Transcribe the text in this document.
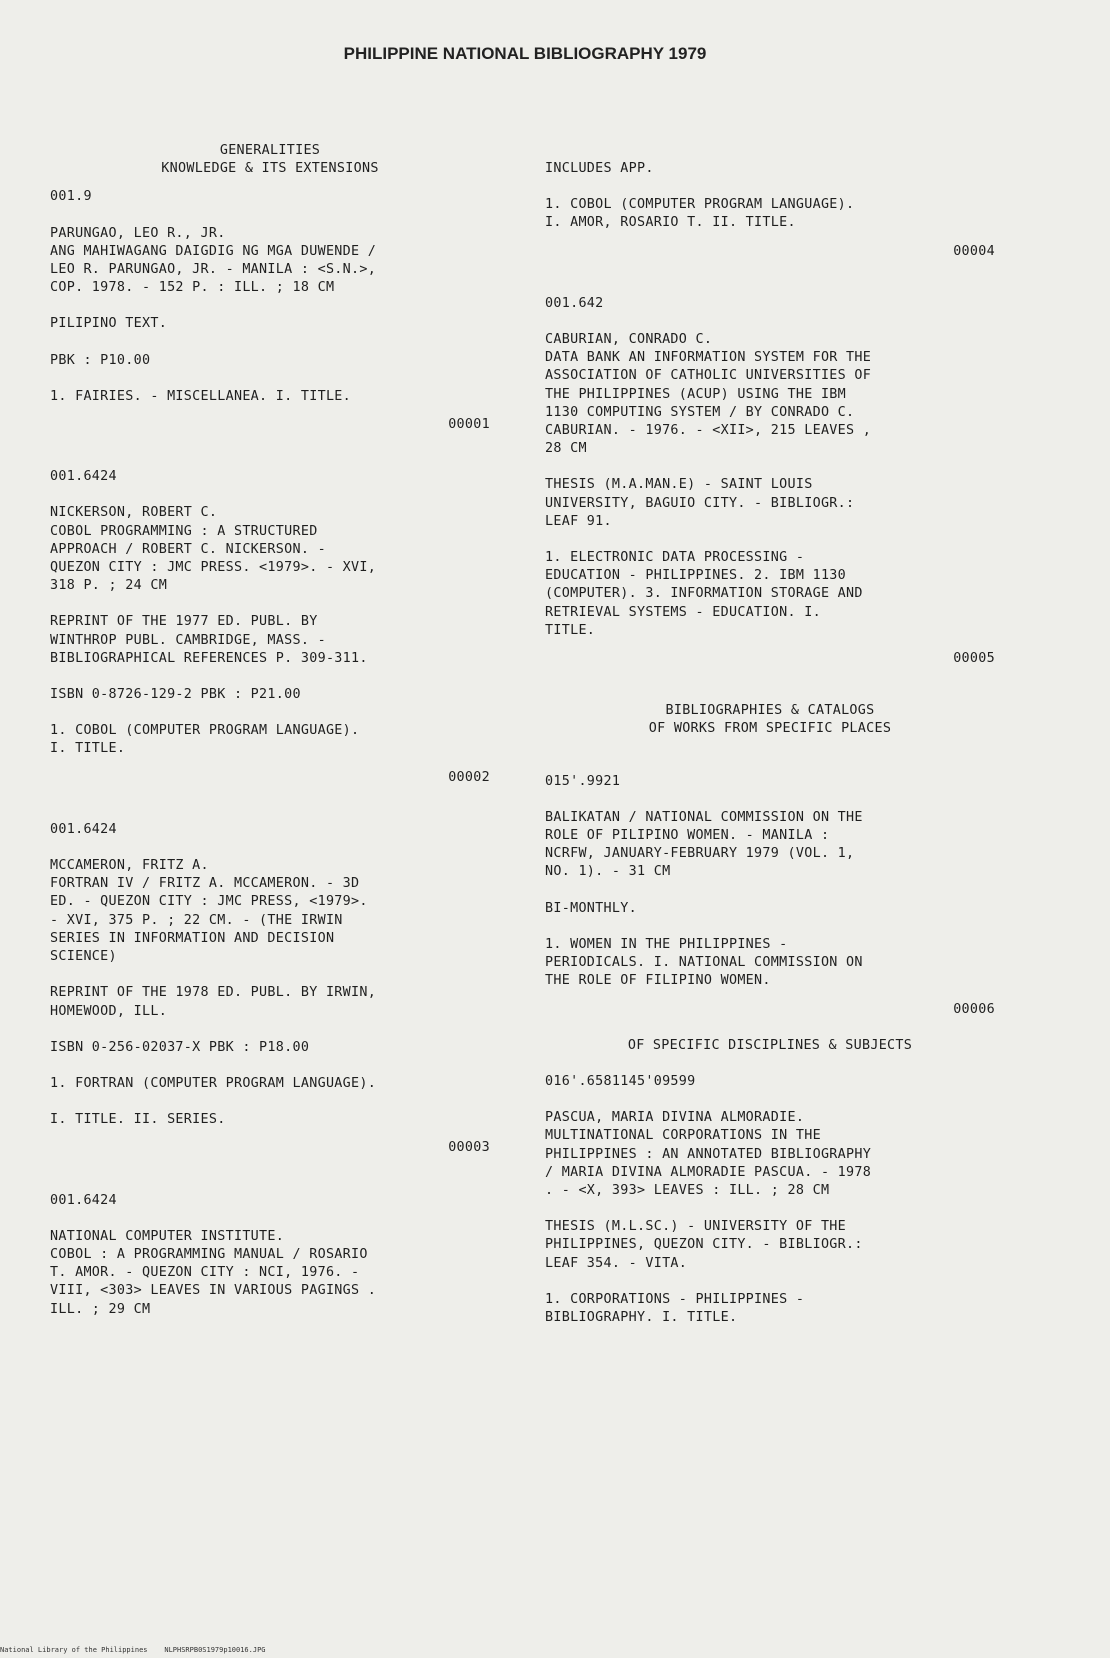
PHILIPPINE NATIONAL BIBLIOGRAPHY 1979
GENERALITIES
KNOWLEDGE & ITS EXTENSIONS
001.9
PARUNGAO, LEO R., JR.
ANG MAHIWAGANG DAIGDIG NG MGA DUWENDE /
LEO R. PARUNGAO, JR. - MANILA : <S.N.>,
COP. 1978. - 152 P. : ILL. ; 18 CM
PILIPINO TEXT.
PBK : P10.00
1. FAIRIES. - MISCELLANEA. I. TITLE.
00001
001.6424
NICKERSON, ROBERT C.
COBOL PROGRAMMING : A STRUCTURED
APPROACH / ROBERT C. NICKERSON. -
QUEZON CITY : JMC PRESS. <1979>. - XVI,
318 P. ; 24 CM
REPRINT OF THE 1977 ED. PUBL. BY
WINTHROP PUBL. CAMBRIDGE, MASS. -
BIBLIOGRAPHICAL REFERENCES P. 309-311.
ISBN 0-8726-129-2 PBK : P21.00
1. COBOL (COMPUTER PROGRAM LANGUAGE).
I. TITLE.
00002
001.6424
MCCAMERON, FRITZ A.
FORTRAN IV / FRITZ A. MCCAMERON. - 3D
ED. - QUEZON CITY : JMC PRESS, <1979>.
- XVI, 375 P. ; 22 CM. - (THE IRWIN
SERIES IN INFORMATION AND DECISION
SCIENCE)
REPRINT OF THE 1978 ED. PUBL. BY IRWIN,
HOMEWOOD, ILL.
ISBN 0-256-02037-X PBK : P18.00
1. FORTRAN (COMPUTER PROGRAM LANGUAGE).
I. TITLE. II. SERIES.
00003
001.6424
NATIONAL COMPUTER INSTITUTE.
COBOL : A PROGRAMMING MANUAL / ROSARIO
T. AMOR. - QUEZON CITY : NCI, 1976. -
VIII, <303> LEAVES IN VARIOUS PAGINGS .
ILL. ; 29 CM
INCLUDES APP.
1. COBOL (COMPUTER PROGRAM LANGUAGE).
I. AMOR, ROSARIO T. II. TITLE.
00004
001.642
CABURIAN, CONRADO C.
DATA BANK AN INFORMATION SYSTEM FOR THE
ASSOCIATION OF CATHOLIC UNIVERSITIES OF
THE PHILIPPINES (ACUP) USING THE IBM
1130 COMPUTING SYSTEM / BY CONRADO C.
CABURIAN. - 1976. - <XII>, 215 LEAVES ,
28 CM
THESIS (M.A.MAN.E) - SAINT LOUIS
UNIVERSITY, BAGUIO CITY. - BIBLIOGR.:
LEAF 91.
1. ELECTRONIC DATA PROCESSING -
EDUCATION - PHILIPPINES. 2. IBM 1130
(COMPUTER). 3. INFORMATION STORAGE AND
RETRIEVAL SYSTEMS - EDUCATION. I.
TITLE.
00005
BIBLIOGRAPHIES & CATALOGS
OF WORKS FROM SPECIFIC PLACES
015'.9921
BALIKATAN / NATIONAL COMMISSION ON THE
ROLE OF PILIPINO WOMEN. - MANILA :
NCRFW, JANUARY-FEBRUARY 1979 (VOL. 1,
NO. 1). - 31 CM
BI-MONTHLY.
1. WOMEN IN THE PHILIPPINES -
PERIODICALS. I. NATIONAL COMMISSION ON
THE ROLE OF FILIPINO WOMEN.
00006
OF SPECIFIC DISCIPLINES & SUBJECTS
016'.6581145'09599
PASCUA, MARIA DIVINA ALMORADIE.
MULTINATIONAL CORPORATIONS IN THE
PHILIPPINES : AN ANNOTATED BIBLIOGRAPHY
/ MARIA DIVINA ALMORADIE PASCUA. - 1978
. - <X, 393> LEAVES : ILL. ; 28 CM
THESIS (M.L.SC.) - UNIVERSITY OF THE
PHILIPPINES, QUEZON CITY. - BIBLIOGR.:
LEAF 354. - VITA.
1. CORPORATIONS - PHILIPPINES -
BIBLIOGRAPHY. I. TITLE.
National Library of the Philippines    NLPHSRPB0S1979p10016.JPG
